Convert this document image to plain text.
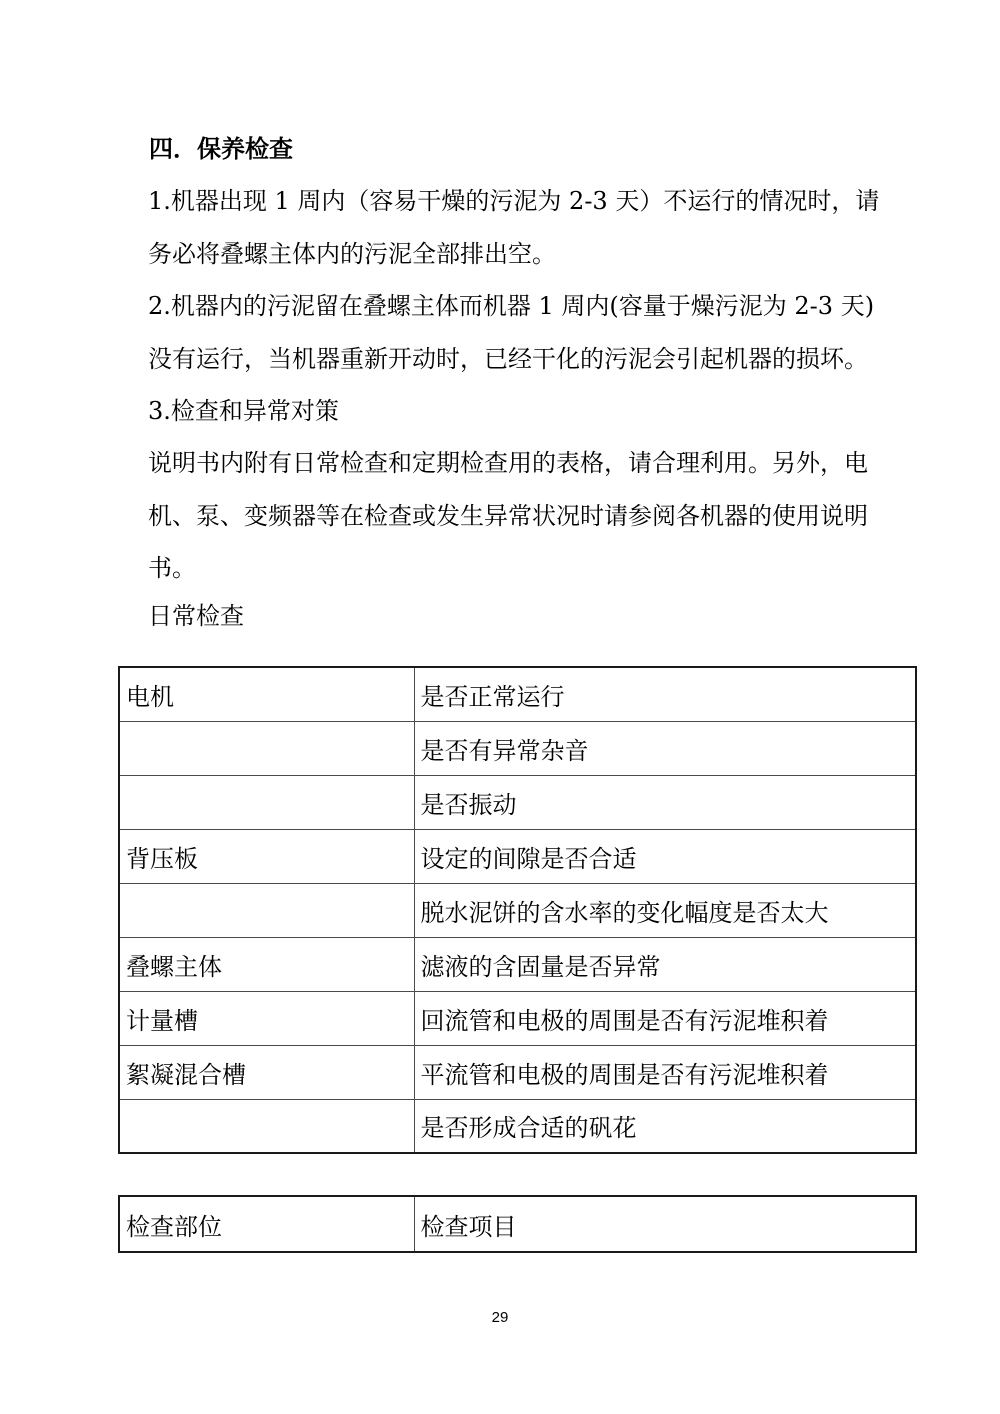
四．保养检查
1.机器出现 1 周内（容易干燥的污泥为 2-3 天）不运行的情况时，请
务必将叠螺主体内的污泥全部排出空。
2.机器内的污泥留在叠螺主体而机器 1 周内(容量于燥污泥为 2-3 天)
没有运行，当机器重新开动时，已经干化的污泥会引起机器的损坏。
3.检查和异常对策
说明书内附有日常检查和定期检查用的表格，请合理利用。另外，电
机、泵、变频器等在检查或发生异常状况时请参阅各机器的使用说明
书。
日常检查
电机	是否正常运行
	是否有异常杂音
	是否振动
背压板	设定的间隙是否合适
	脱水泥饼的含水率的变化幅度是否太大
叠螺主体	滤液的含固量是否异常
计量槽	回流管和电极的周围是否有污泥堆积着
絮凝混合槽	平流管和电极的周围是否有污泥堆积着
	是否形成合适的矾花
检查部位	检查项目
29
